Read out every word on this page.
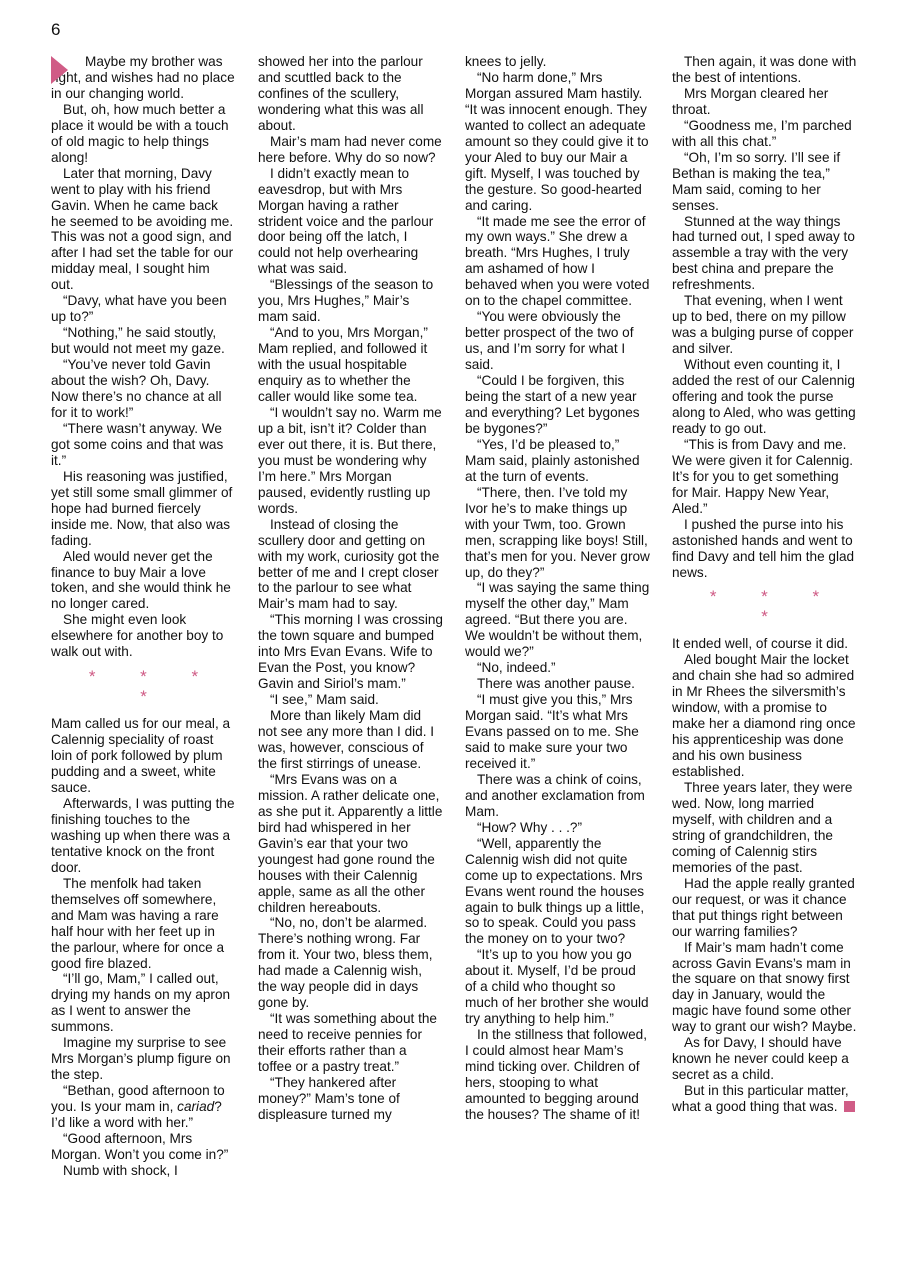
6

Maybe my brother was right, and wishes had no place in our changing world.

But, oh, how much better a place it would be with a touch of old magic to help things along!

Later that morning, Davy went to play with his friend Gavin. When he came back he seemed to be avoiding me. This was not a good sign, and after I had set the table for our midday meal, I sought him out.

“Davy, what have you been up to?”

“Nothing,” he said stoutly, but would not meet my gaze.

“You’ve never told Gavin about the wish? Oh, Davy. Now there’s no chance at all for it to work!”

“There wasn’t anyway. We got some coins and that was it.”

His reasoning was justified, yet still some small glimmer of hope had burned fiercely inside me. Now, that also was fading.

Aled would never get the finance to buy Mair a love token, and she would think he no longer cared.

She might even look elsewhere for another boy to walk out with.

* * * *

Mam called us for our meal, a Calennig speciality of roast loin of pork followed by plum pudding and a sweet, white sauce.

Afterwards, I was putting the finishing touches to the washing up when there was a tentative knock on the front door.

The menfolk had taken themselves off somewhere, and Mam was having a rare half hour with her feet up in the parlour, where for once a good fire blazed.

“I’ll go, Mam,” I called out, drying my hands on my apron as I went to answer the summons.

Imagine my surprise to see Mrs Morgan’s plump figure on the step.

“Bethan, good afternoon to you. Is your mam in, cariad? I’d like a word with her.”

“Good afternoon, Mrs Morgan. Won’t you come in?”

Numb with shock, I

showed her into the parlour and scuttled back to the confines of the scullery, wondering what this was all about.

Mair’s mam had never come here before. Why do so now?

I didn’t exactly mean to eavesdrop, but with Mrs Morgan having a rather strident voice and the parlour door being off the latch, I could not help overhearing what was said.

“Blessings of the season to you, Mrs Hughes,” Mair’s mam said.

“And to you, Mrs Morgan,” Mam replied, and followed it with the usual hospitable enquiry as to whether the caller would like some tea.

“I wouldn’t say no. Warm me up a bit, isn’t it? Colder than ever out there, it is. But there, you must be wondering why I’m here.” Mrs Morgan paused, evidently rustling up words.

Instead of closing the scullery door and getting on with my work, curiosity got the better of me and I crept closer to the parlour to see what Mair’s mam had to say.

“This morning I was crossing the town square and bumped into Mrs Evan Evans. Wife to Evan the Post, you know? Gavin and Siriol’s mam.”

“I see,” Mam said.

More than likely Mam did not see any more than I did. I was, however, conscious of the first stirrings of unease.

“Mrs Evans was on a mission. A rather delicate one, as she put it. Apparently a little bird had whispered in her Gavin’s ear that your two youngest had gone round the houses with their Calennig apple, same as all the other children hereabouts.

“No, no, don’t be alarmed. There’s nothing wrong. Far from it. Your two, bless them, had made a Calennig wish, the way people did in days gone by.

“It was something about the need to receive pennies for their efforts rather than a toffee or a pastry treat.”

“They hankered after money?” Mam’s tone of displeasure turned my

knees to jelly.

“No harm done,” Mrs Morgan assured Mam hastily. “It was innocent enough. They wanted to collect an adequate amount so they could give it to your Aled to buy our Mair a gift. Myself, I was touched by the gesture. So good-hearted and caring.

“It made me see the error of my own ways.” She drew a breath. “Mrs Hughes, I truly am ashamed of how I behaved when you were voted on to the chapel committee.

“You were obviously the better prospect of the two of us, and I’m sorry for what I said.

“Could I be forgiven, this being the start of a new year and everything? Let bygones be bygones?”

“Yes, I’d be pleased to,” Mam said, plainly astonished at the turn of events.

“There, then. I’ve told my Ivor he’s to make things up with your Twm, too. Grown men, scrapping like boys! Still, that’s men for you. Never grow up, do they?”

“I was saying the same thing myself the other day,” Mam agreed. “But there you are. We wouldn’t be without them, would we?”

“No, indeed.”

There was another pause.

“I must give you this,” Mrs Morgan said. “It’s what Mrs Evans passed on to me. She said to make sure your two received it.”

There was a chink of coins, and another exclamation from Mam.

“How? Why . . .?”

“Well, apparently the Calennig wish did not quite come up to expectations. Mrs Evans went round the houses again to bulk things up a little, so to speak. Could you pass the money on to your two?

“It’s up to you how you go about it. Myself, I’d be proud of a child who thought so much of her brother she would try anything to help him.”

In the stillness that followed, I could almost hear Mam’s mind ticking over. Children of hers, stooping to what amounted to begging around the houses? The shame of it!

Then again, it was done with the best of intentions.

Mrs Morgan cleared her throat.

“Goodness me, I’m parched with all this chat.”

“Oh, I’m so sorry. I’ll see if Bethan is making the tea,” Mam said, coming to her senses.

Stunned at the way things had turned out, I sped away to assemble a tray with the very best china and prepare the refreshments.

That evening, when I went up to bed, there on my pillow was a bulging purse of copper and silver.

Without even counting it, I added the rest of our Calennig offering and took the purse along to Aled, who was getting ready to go out.

“This is from Davy and me. We were given it for Calennig. It’s for you to get something for Mair. Happy New Year, Aled.”

I pushed the purse into his astonished hands and went to find Davy and tell him the glad news.

* * * *

It ended well, of course it did.

Aled bought Mair the locket and chain she had so admired in Mr Rhees the silversmith’s window, with a promise to make her a diamond ring once his apprenticeship was done and his own business established.

Three years later, they were wed. Now, long married myself, with children and a string of grandchildren, the coming of Calennig stirs memories of the past.

Had the apple really granted our request, or was it chance that put things right between our warring families?

If Mair’s mam hadn’t come across Gavin Evans’s mam in the square on that snowy first day in January, would the magic have found some other way to grant our wish? Maybe.

As for Davy, I should have known he never could keep a secret as a child.

But in this particular matter, what a good thing that was.
